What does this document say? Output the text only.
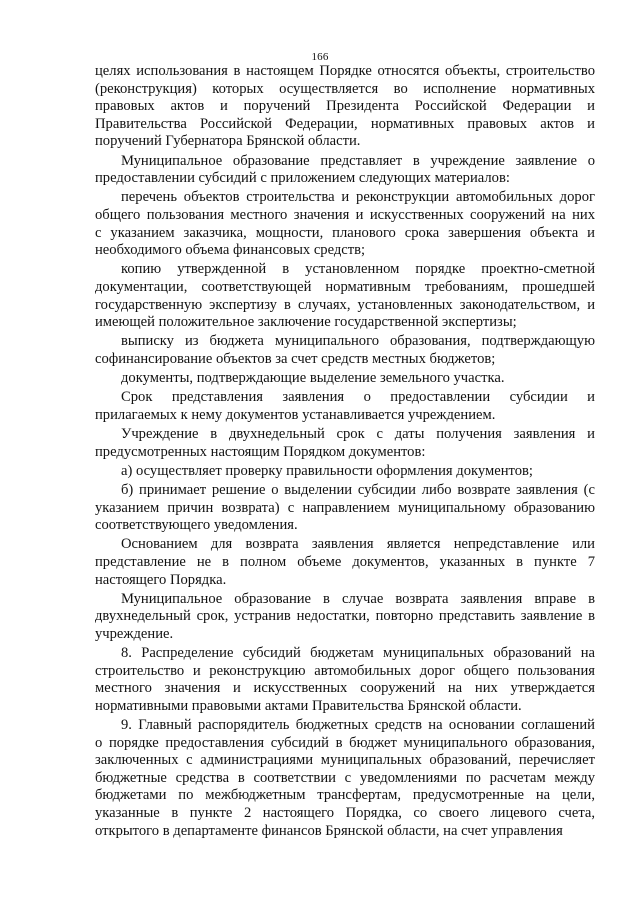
166
целях использования в настоящем Порядке относятся объекты, строительство
(реконструкция) которых осуществляется во исполнение нормативных
правовых актов и поручений Президента Российской Федерации и
Правительства Российской Федерации, нормативных правовых актов и
поручений Губернатора Брянской области.
Муниципальное образование представляет в учреждение заявление о
предоставлении субсидий с приложением следующих материалов:
перечень объектов строительства и реконструкции автомобильных дорог
общего пользования местного значения и искусственных сооружений на них
с указанием заказчика, мощности, планового срока завершения объекта и
необходимого объема финансовых средств;
копию утвержденной в установленном порядке проектно-сметной
документации, соответствующей нормативным требованиям, прошедшей
государственную экспертизу в случаях, установленных законодательством, и
имеющей положительное заключение государственной экспертизы;
выписку из бюджета муниципального образования, подтверждающую
софинансирование объектов за счет средств местных бюджетов;
документы, подтверждающие выделение земельного участка.
Срок представления заявления о предоставлении субсидии и
прилагаемых к нему документов устанавливается учреждением.
Учреждение в двухнедельный срок с даты получения заявления и
предусмотренных настоящим Порядком документов:
а) осуществляет проверку правильности оформления документов;
б) принимает решение о выделении субсидии либо возврате заявления (с
указанием причин возврата) с направлением муниципальному образованию
соответствующего уведомления.
Основанием для возврата заявления является непредставление или
представление не в полном объеме документов, указанных в пункте 7
настоящего Порядка.
Муниципальное образование в случае возврата заявления вправе в
двухнедельный срок, устранив недостатки, повторно представить заявление в
учреждение.
8. Распределение субсидий бюджетам муниципальных образований на
строительство и реконструкцию автомобильных дорог общего пользования
местного значения и искусственных сооружений на них утверждается
нормативными правовыми актами Правительства Брянской области.
9. Главный распорядитель бюджетных средств на основании соглашений
о порядке предоставления субсидий в бюджет муниципального образования,
заключенных с администрациями муниципальных образований, перечисляет
бюджетные средства в соответствии с уведомлениями по расчетам между
бюджетами по межбюджетным трансфертам, предусмотренные на цели,
указанные в пункте 2 настоящего Порядка, со своего лицевого счета,
открытого в департаменте финансов Брянской области, на счет управления
